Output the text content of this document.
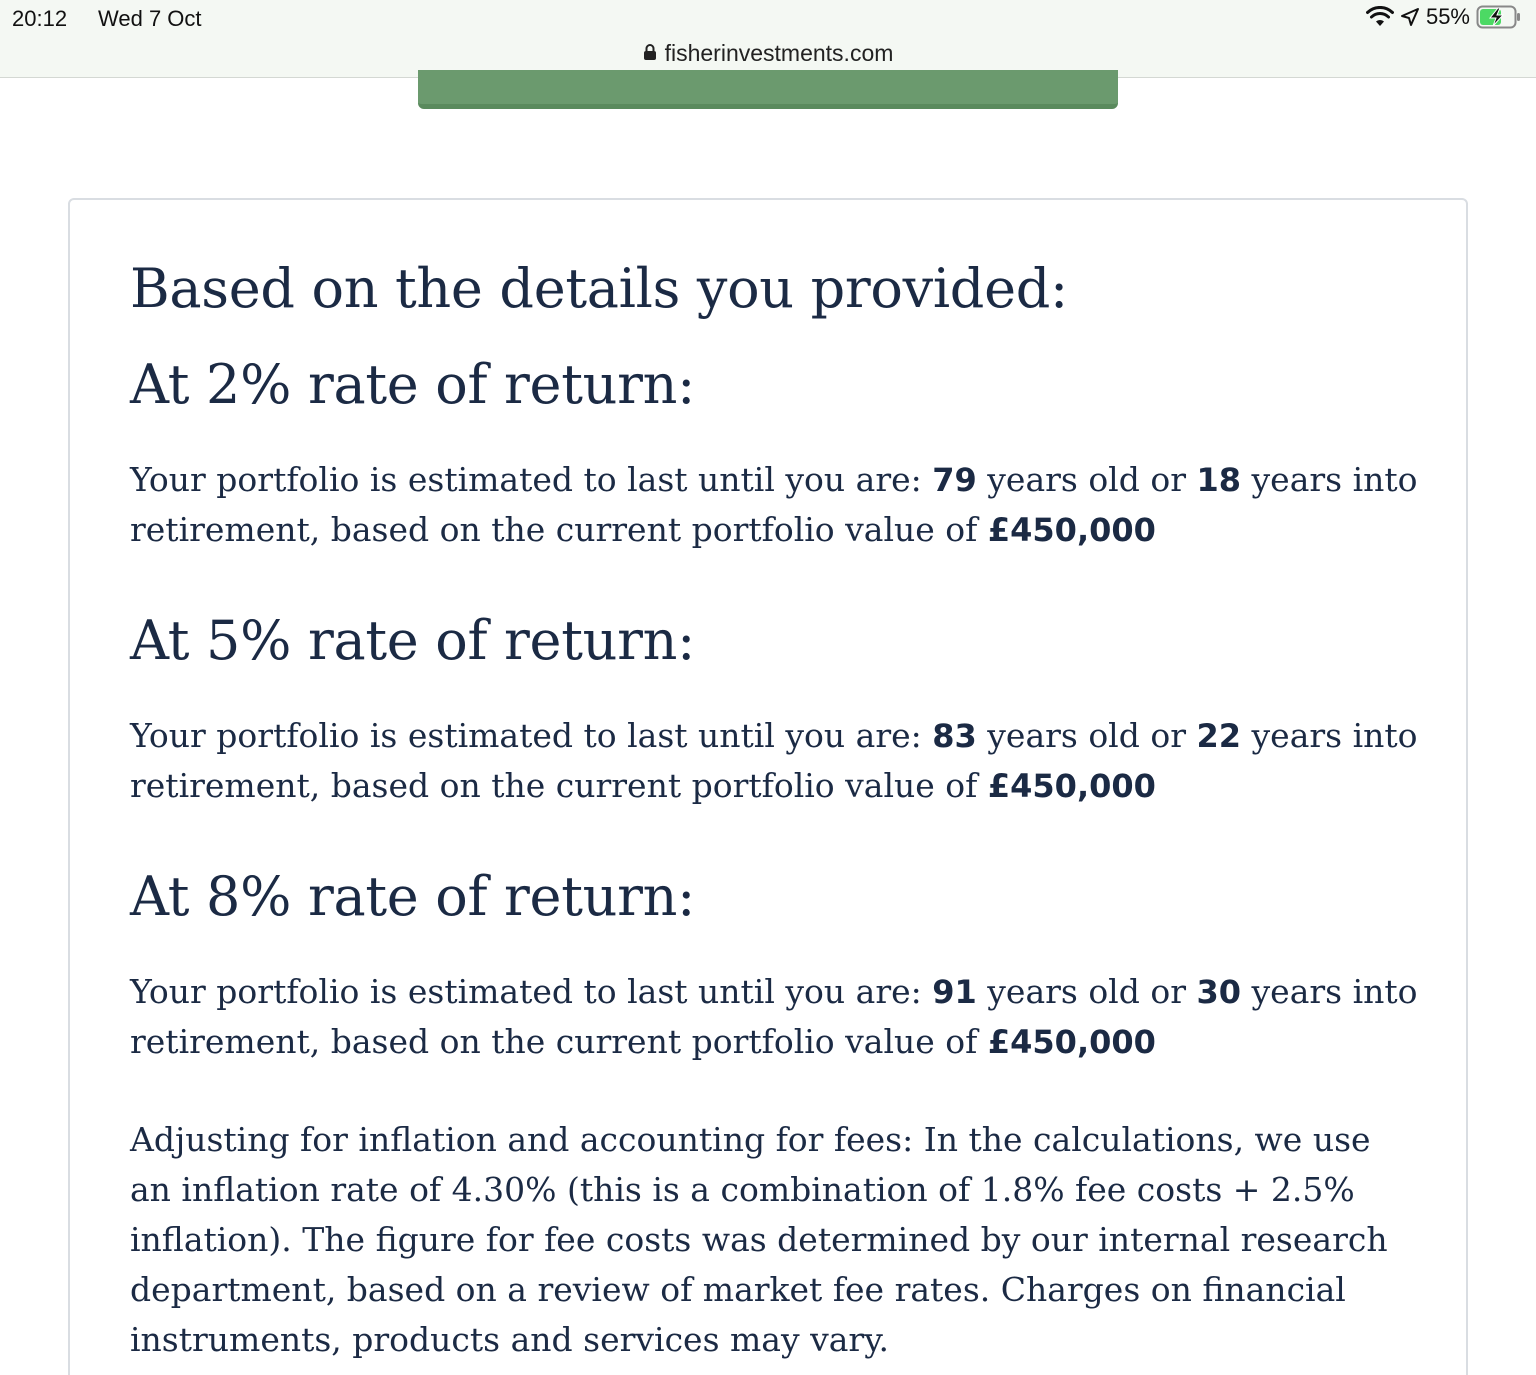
20:12 Wed 7 Oct	55%
fisherinvestments.com
Based on the details you provided:
At 2% rate of return:

Your portfolio is estimated to last until you are: 79 years old or 18 years into retirement, based on the current portfolio value of £450,000

At 5% rate of return:

Your portfolio is estimated to last until you are: 83 years old or 22 years into retirement, based on the current portfolio value of £450,000

At 8% rate of return:

Your portfolio is estimated to last until you are: 91 years old or 30 years into retirement, based on the current portfolio value of £450,000

Adjusting for inflation and accounting for fees: In the calculations, we use an inflation rate of 4.30% (this is a combination of 1.8% fee costs + 2.5% inflation). The figure for fee costs was determined by our internal research department, based on a review of market fee rates. Charges on financial instruments, products and services may vary.
